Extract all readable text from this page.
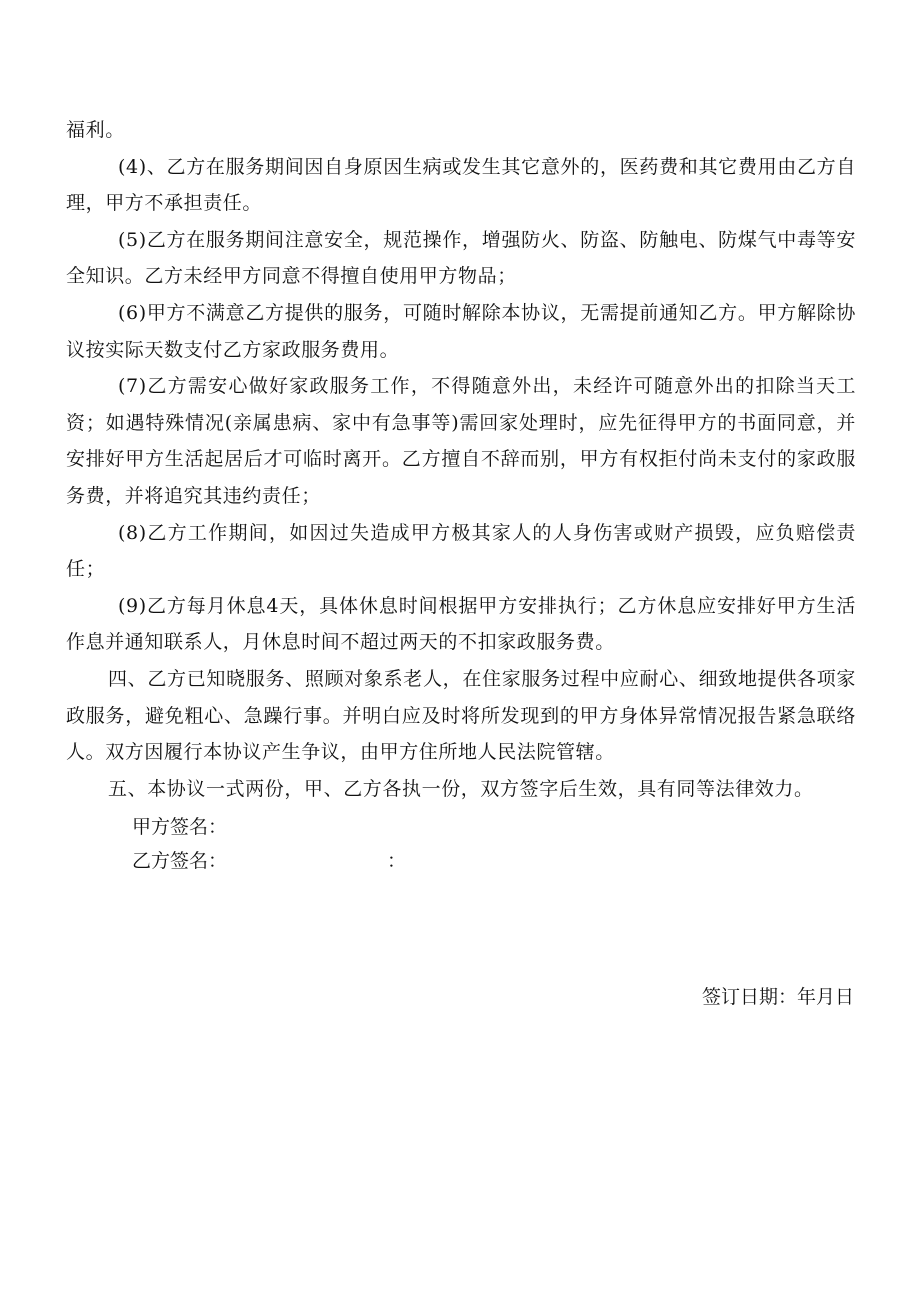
福利。

(4)、乙方在服务期间因自身原因生病或发生其它意外的，医药费和其它费用由乙方自理，甲方不承担责任。

(5)乙方在服务期间注意安全，规范操作，增强防火、防盗、防触电、防煤气中毒等安全知识。乙方未经甲方同意不得擅自使用甲方物品；

(6)甲方不满意乙方提供的服务，可随时解除本协议，无需提前通知乙方。甲方解除协议按实际天数支付乙方家政服务费用。

(7)乙方需安心做好家政服务工作，不得随意外出，未经许可随意外出的扣除当天工资；如遇特殊情况(亲属患病、家中有急事等)需回家处理时，应先征得甲方的书面同意，并安排好甲方生活起居后才可临时离开。乙方擅自不辞而别，甲方有权拒付尚未支付的家政服务费，并将追究其违约责任；

(8)乙方工作期间，如因过失造成甲方极其家人的人身伤害或财产损毁，应负赔偿责任；

(9)乙方每月休息4天，具体休息时间根据甲方安排执行；乙方休息应安排好甲方生活作息并通知联系人，月休息时间不超过两天的不扣家政服务费。

四、乙方已知晓服务、照顾对象系老人，在住家服务过程中应耐心、细致地提供各项家政服务，避免粗心、急躁行事。并明白应及时将所发现到的甲方身体异常情况报告紧急联络人。双方因履行本协议产生争议，由甲方住所地人民法院管辖。

五、本协议一式两份，甲、乙方各执一份，双方签字后生效，具有同等法律效力。

甲方签名：
乙方签名：	：
签订日期：年月日
